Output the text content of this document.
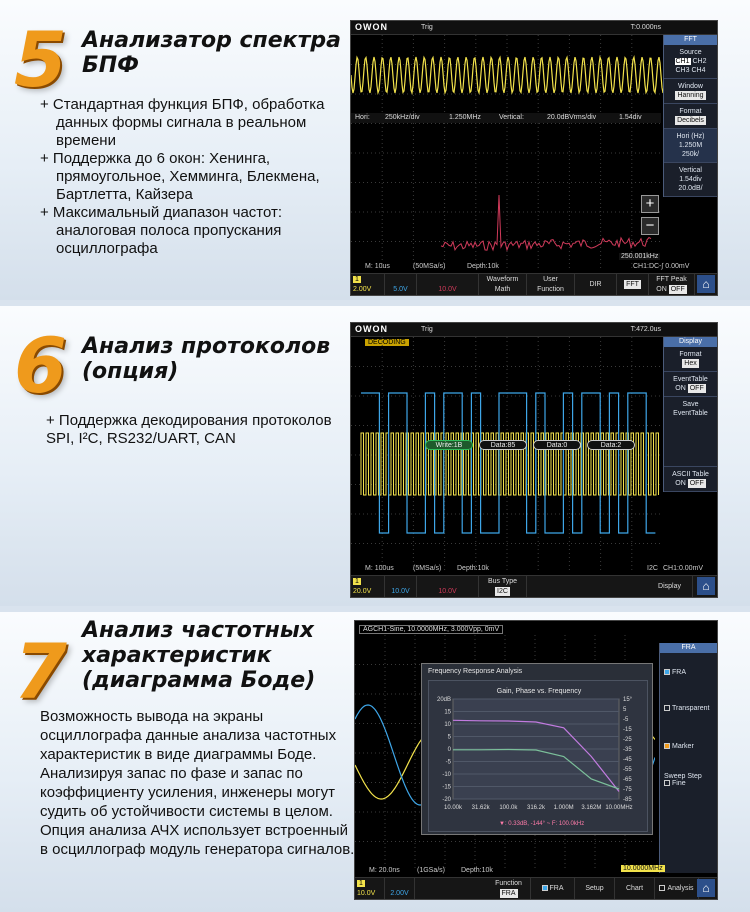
5 Анализатор спектра
БПФ
+ Стандартная функция БПФ, обработка данных формы сигнала в реальном времени
+ Поддержка до 6 окон: Хенинга, прямоугольное, Хемминга, Блекмена, Бартлетта, Кайзера
+ Максимальный диапазон частот: аналоговая полоса пропускания осциллографа
OWON	Trig	T:0.000ns
Hori: 250kHz/div	1.250MHz	Vertical:	20.0dBVrms/div	1.54div
250.001kHz
+
−
FFT
Source
CH1 CH2
CH3 CH4
Window
Hanning
Format
Decibels
Hori (Hz)
1.250M
250k/
Vertical
1.54div
20.0dB/
M: 10us	(50MSa/s)	Depth:10k	CH1:DC-∫ 0.00mV
1
2.00V	5.0V	10.0V
Waveform
Math
User
Function
DIR	FFT
FFT Peak
ON OFF	⌂
6 Анализ протоколов
(опция)
+ Поддержка декодирования протоколов SPI, I²C, RS232/UART, CAN
OWON	Trig	T:472.0us
DECODING
Write:1B	Data:85	Data:0	Data:2
Display
Format
Hex
EventTable
ON OFF
Save
EventTable
ASCII Table
ON OFF
M: 100us	(5MSa/s) Depth:10k	I2C CH1:0.00mV
1
20.0V	10.0V	10.0V
Bus Type
I2C
Display	⌂
7 Анализ частотных
характеристик
(диаграмма Боде)
Возможность вывода на экраны осциллографа данные анализа частотных характеристик в виде диаграммы Боде. Анализируя запас по фазе и запас по коэффициенту усиления, инженеры могут судить об устойчивости системы в целом. Опция анализа АЧХ использует встроенный в осциллограф модуль генератора сигналов.
AGCH1-Sine, 10.0000MHz, 3.000Vpp, 0mV
Frequency Response Analysis
Gain, Phase vs. Frequency
20dB
15
10
5
0
-5
-10
-15
-20
15°
5
-5
-15
-25
-35
-45
-55
-65
-75
-85
10.00k 31.62k 100.0k 316.2k 1.000M 3.162M 10.00MHz
▼: 0.33dB, -144° ~ F: 100.0kHz
FRA
FRA
Transparent
Marker
Sweep Step
Fine
10.0000MHz
M: 20.0ns (1GSa/s) Depth:10k
1
10.0V	2.00V
Function
FRA
FRA	Setup	Chart	Analysis ⌂
